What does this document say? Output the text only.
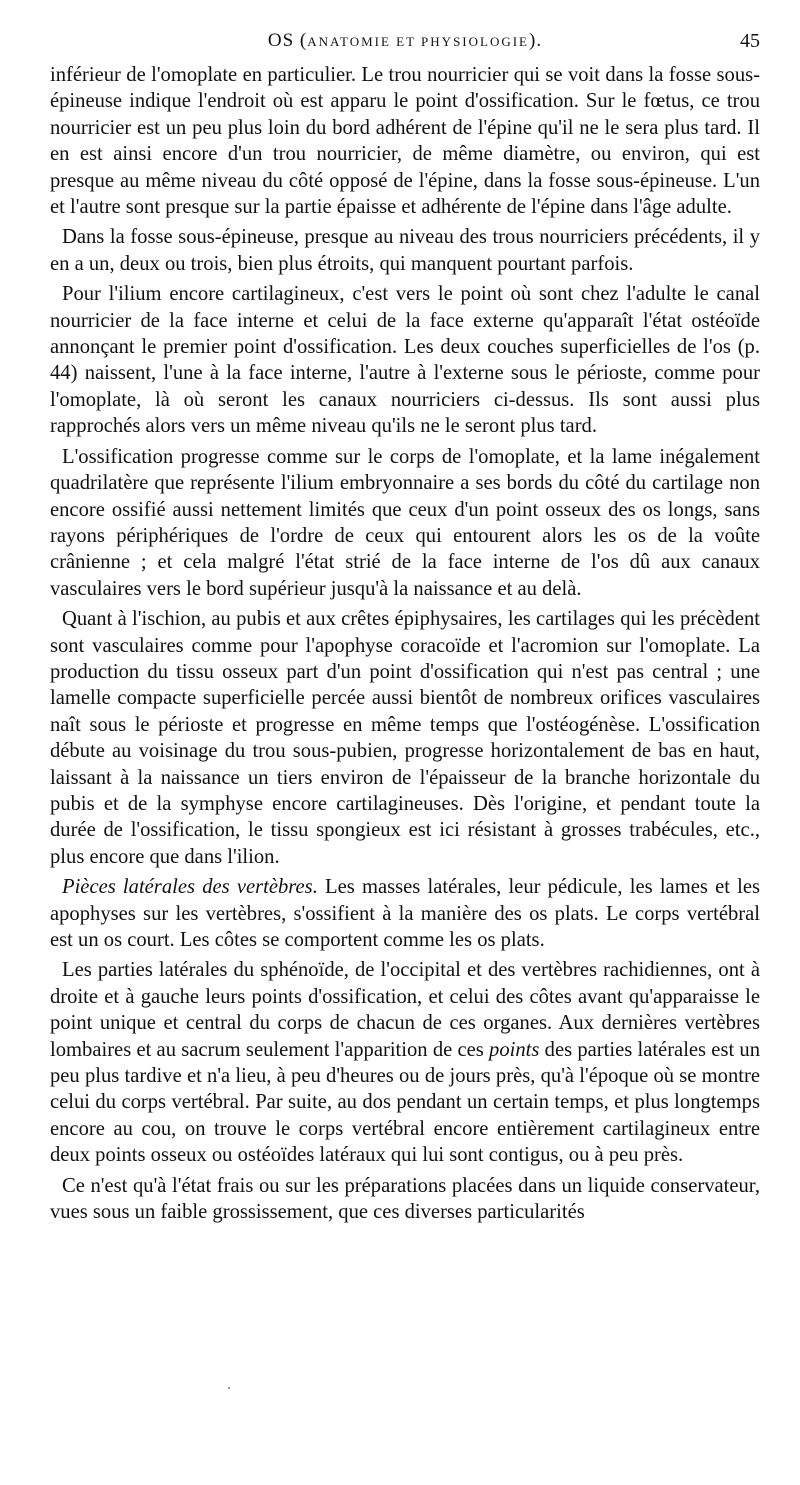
OS (ANATOMIE ET PHYSIOLOGIE).	45

inférieur de l'omoplate en particulier. Le trou nourricier qui se voit dans la fosse sous-épineuse indique l'endroit où est apparu le point d'ossification. Sur le fœtus, ce trou nourricier est un peu plus loin du bord adhérent de l'épine qu'il ne le sera plus tard. Il en est ainsi encore d'un trou nourricier, de même diamètre, ou environ, qui est presque au même niveau du côté opposé de l'épine, dans la fosse sous-épineuse. L'un et l'autre sont presque sur la partie épaisse et adhérente de l'épine dans l'âge adulte.

Dans la fosse sous-épineuse, presque au niveau des trous nourriciers précédents, il y en a un, deux ou trois, bien plus étroits, qui manquent pourtant parfois.

Pour l'ilium encore cartilagineux, c'est vers le point où sont chez l'adulte le canal nourricier de la face interne et celui de la face externe qu'apparaît l'état ostéoïde annonçant le premier point d'ossification. Les deux couches superficielles de l'os (p. 44) naissent, l'une à la face interne, l'autre à l'externe sous le périoste, comme pour l'omoplate, là où seront les canaux nourriciers ci-dessus. Ils sont aussi plus rapprochés alors vers un même niveau qu'ils ne le seront plus tard.

L'ossification progresse comme sur le corps de l'omoplate, et la lame inégalement quadrilatère que représente l'ilium embryonnaire a ses bords du côté du cartilage non encore ossifié aussi nettement limités que ceux d'un point osseux des os longs, sans rayons périphériques de l'ordre de ceux qui entourent alors les os de la voûte crânienne ; et cela malgré l'état strié de la face interne de l'os dû aux canaux vasculaires vers le bord supérieur jusqu'à la naissance et au delà.

Quant à l'ischion, au pubis et aux crêtes épiphysaires, les cartilages qui les précèdent sont vasculaires comme pour l'apophyse coracoïde et l'acromion sur l'omoplate. La production du tissu osseux part d'un point d'ossification qui n'est pas central ; une lamelle compacte superficielle percée aussi bientôt de nombreux orifices vasculaires naît sous le périoste et progresse en même temps que l'ostéogénèse. L'ossification débute au voisinage du trou sous-pubien, progresse horizontalement de bas en haut, laissant à la naissance un tiers environ de l'épaisseur de la branche horizontale du pubis et de la symphyse encore cartilagineuses. Dès l'origine, et pendant toute la durée de l'ossification, le tissu spongieux est ici résistant à grosses trabécules, etc., plus encore que dans l'ilion.

Pièces latérales des vertèbres. Les masses latérales, leur pédicule, les lames et les apophyses sur les vertèbres, s'ossifient à la manière des os plats. Le corps vertébral est un os court. Les côtes se comportent comme les os plats.

Les parties latérales du sphénoïde, de l'occipital et des vertèbres rachidiennes, ont à droite et à gauche leurs points d'ossification, et celui des côtes avant qu'apparaisse le point unique et central du corps de chacun de ces organes. Aux dernières vertèbres lombaires et au sacrum seulement l'apparition de ces points des parties latérales est un peu plus tardive et n'a lieu, à peu d'heures ou de jours près, qu'à l'époque où se montre celui du corps vertébral. Par suite, au dos pendant un certain temps, et plus longtemps encore au cou, on trouve le corps vertébral encore entièrement cartilagineux entre deux points osseux ou ostéoïdes latéraux qui lui sont contigus, ou à peu près.

Ce n'est qu'à l'état frais ou sur les préparations placées dans un liquide conservateur, vues sous un faible grossissement, que ces diverses particularités
